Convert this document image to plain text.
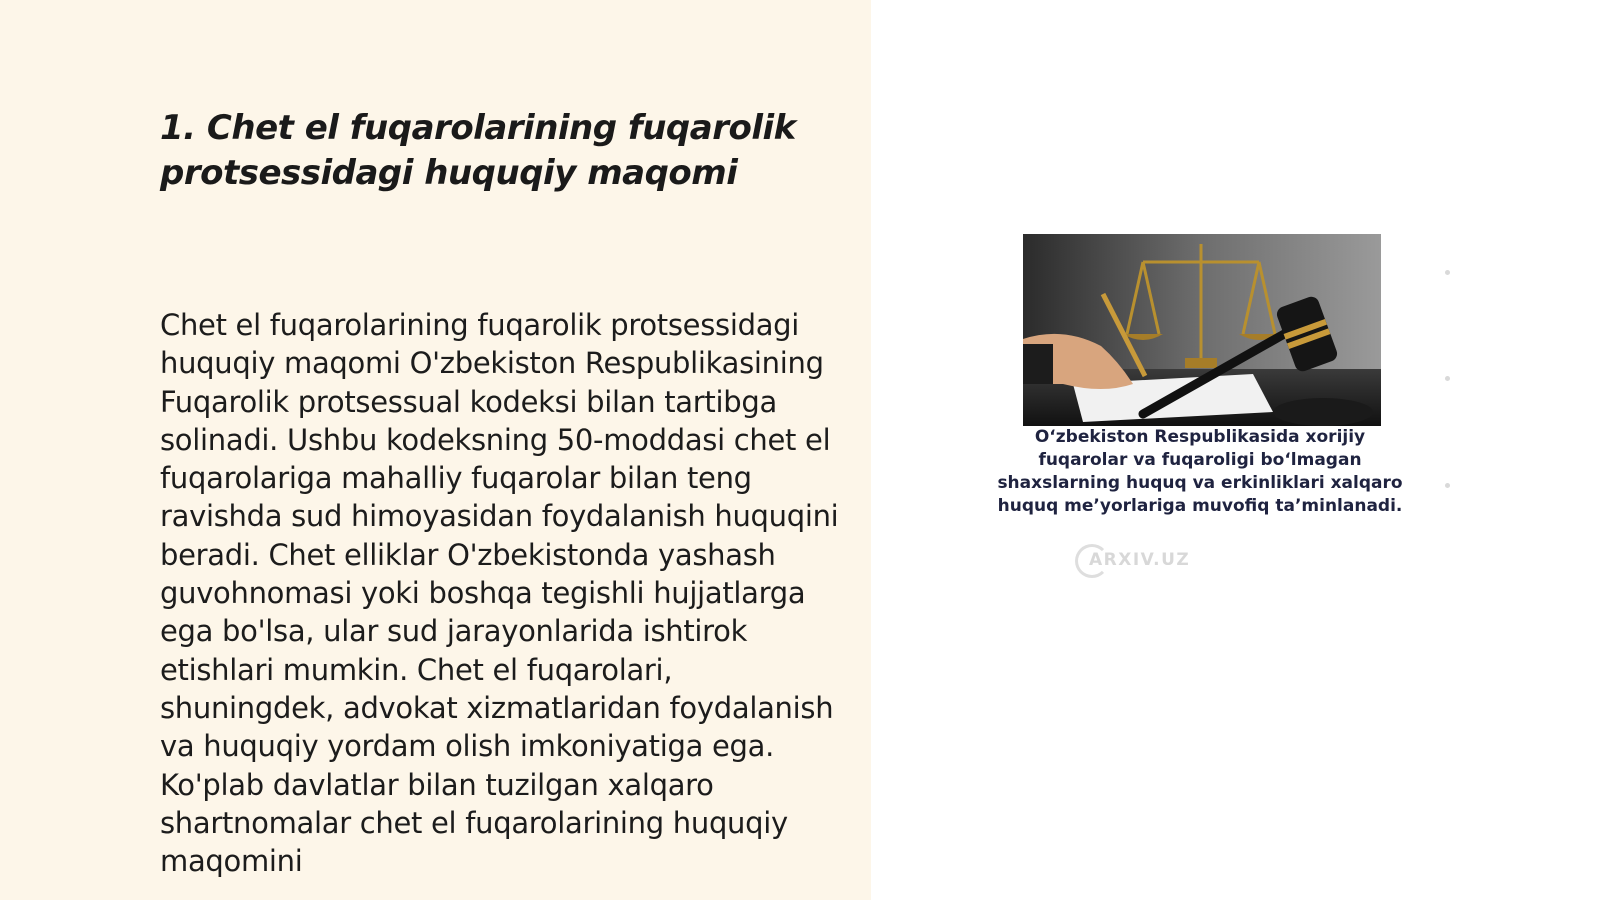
1. Chet el fuqarolarining fuqarolik protsessidagi huquqiy maqomi

Chet el fuqarolarining fuqarolik protsessidagi huquqiy maqomi O'zbekiston Respublikasining Fuqarolik protsessual kodeksi bilan tartibga solinadi. Ushbu kodeksning 50-moddasi chet el fuqarolariga mahalliy fuqarolar bilan teng ravishda sud himoyasidan foydalanish huquqini beradi. Chet elliklar O'zbekistonda yashash guvohnomasi yoki boshqa tegishli hujjatlarga ega bo'lsa, ular sud jarayonlarida ishtirok etishlari mumkin. Chet el fuqarolari, shuningdek, advokat xizmatlaridan foydalanish va huquqiy yordam olish imkoniyatiga ega. Ko'plab davlatlar bilan tuzilgan xalqaro shartnomalar chet el fuqarolarining huquqiy maqomini

O‘zbekiston Respublikasida xorijiy fuqarolar va fuqaroligi bo‘lmagan shaxslarning huquq va erkinliklari xalqaro huquq me’yorlariga muvofiq ta’minlanadi.
ARXIV.UZ
